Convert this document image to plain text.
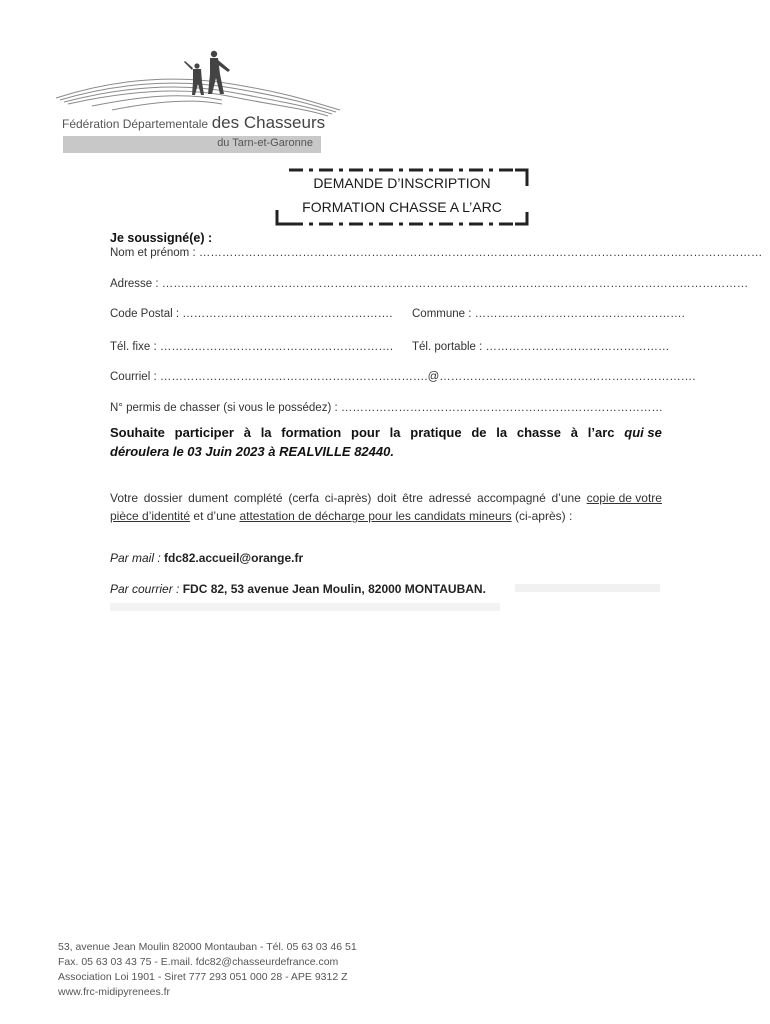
Fédération Départementale des Chasseurs
du Tarn-et-Garonne
DEMANDE D’INSCRIPTION
FORMATION CHASSE A L’ARC
Je soussigné(e) :
Nom et prénom : …………………………………………………………………………………………………………………………………
Adresse : ………………………………………………………………………………………………………………………………………
Code Postal : ………………………………………………. Commune : ……………………………………………….
Tél. fixe : ……………………………………………………. Tél. portable : …………………………………………
Courriel : …………………………………………………………….@………………………………………………………….
N° permis de chasser (si vous le possédez) : …………………………………………………………………………
Souhaite participer à la formation pour la pratique de la chasse à l’arc qui se
déroulera le 03 Juin 2023 à REALVILLE 82440.
Votre dossier dument complété (cerfa ci-après) doit être adressé accompagné d’une copie de votre
pièce d’identité et d’une attestation de décharge pour les candidats mineurs (ci-après) :
Par mail : fdc82.accueil@orange.fr
Par courrier : FDC 82, 53 avenue Jean Moulin, 82000 MONTAUBAN.
53, avenue Jean Moulin 82000 Montauban - Tél. 05 63 03 46 51
Fax. 05 63 03 43 75 - E.mail. fdc82@chasseurdefrance.com
Association Loi 1901 - Siret 777 293 051 000 28 - APE 9312 Z
www.frc-midipyrenees.fr
